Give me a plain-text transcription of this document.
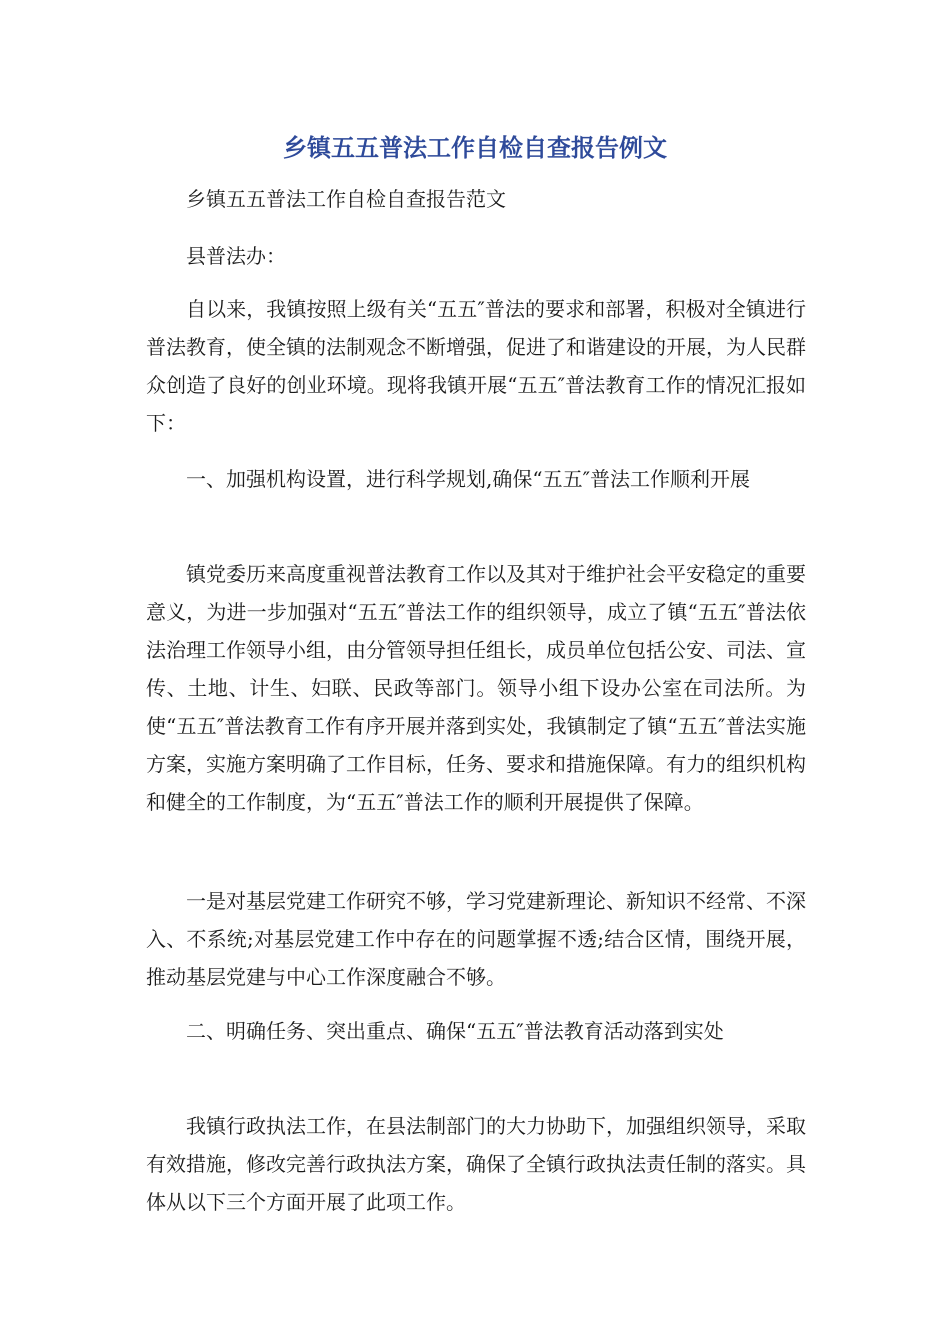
乡镇五五普法工作自检自查报告例文

乡镇五五普法工作自检自查报告范文

县普法办：

自以来，我镇按照上级有关“五五″普法的要求和部署，积极对全镇进行普法教育，使全镇的法制观念不断增强，促进了和谐建设的开展，为人民群众创造了良好的创业环境。现将我镇开展“五五″普法教育工作的情况汇报如下：

一、加强机构设置，进行科学规划,确保“五五″普法工作顺利开展

镇党委历来高度重视普法教育工作以及其对于维护社会平安稳定的重要意义，为进一步加强对“五五″普法工作的组织领导，成立了镇“五五″普法依法治理工作领导小组，由分管领导担任组长，成员单位包括公安、司法、宣传、土地、计生、妇联、民政等部门。领导小组下设办公室在司法所。为使“五五″普法教育工作有序开展并落到实处，我镇制定了镇“五五″普法实施方案，实施方案明确了工作目标，任务、要求和措施保障。有力的组织机构和健全的工作制度，为“五五″普法工作的顺利开展提供了保障。

一是对基层党建工作研究不够，学习党建新理论、新知识不经常、不深入、不系统;对基层党建工作中存在的问题掌握不透;结合区情，围绕开展，推动基层党建与中心工作深度融合不够。

二、明确任务、突出重点、确保“五五″普法教育活动落到实处

我镇行政执法工作，在县法制部门的大力协助下，加强组织领导，采取有效措施，修改完善行政执法方案，确保了全镇行政执法责任制的落实。具体从以下三个方面开展了此项工作。
